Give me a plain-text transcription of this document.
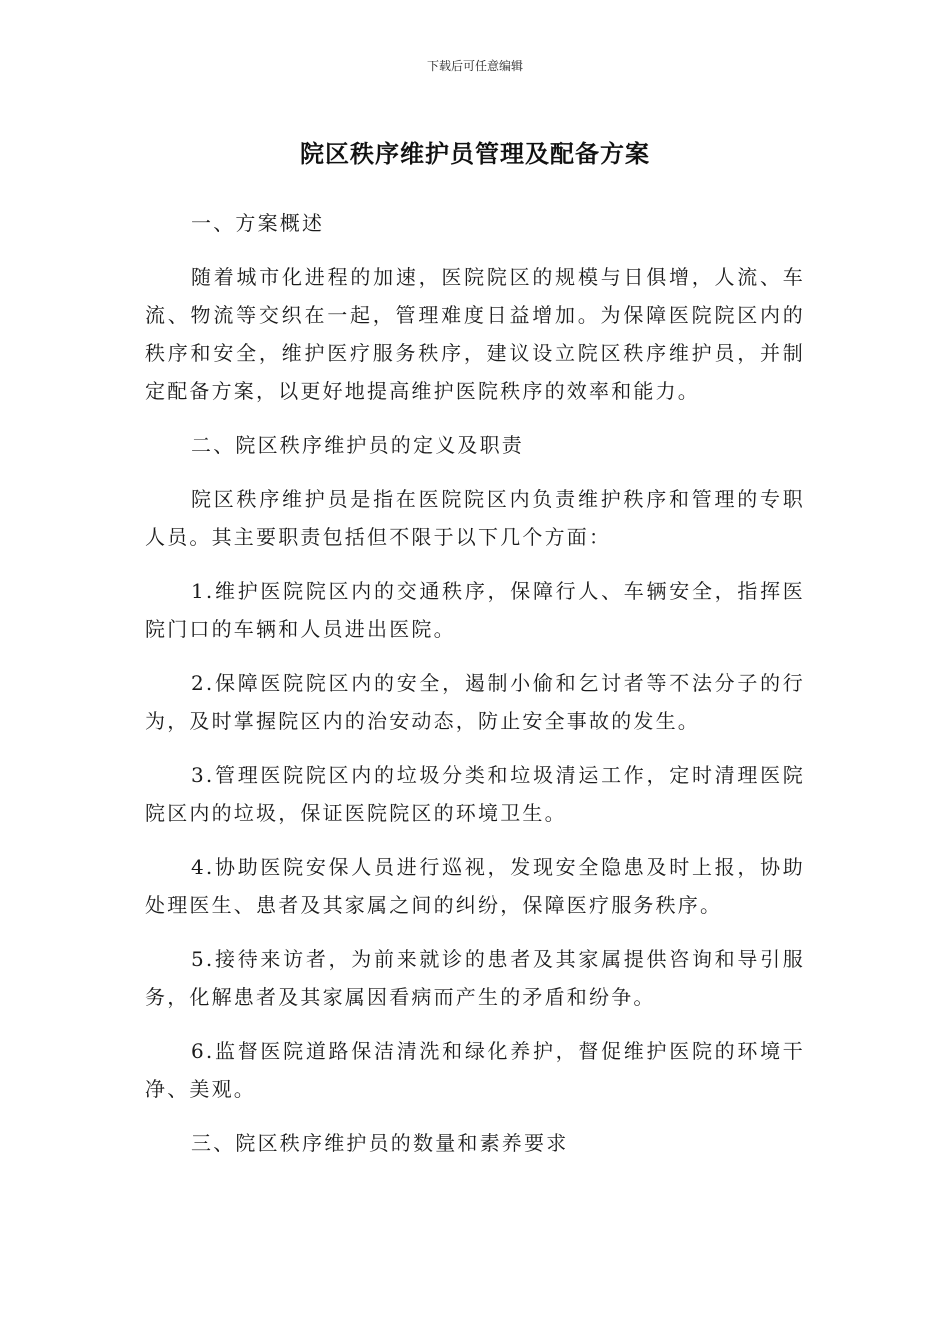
下载后可任意编辑
院区秩序维护员管理及配备方案

一、方案概述

随着城市化进程的加速，医院院区的规模与日俱增，人流、车流、物流等交织在一起，管理难度日益增加。为保障医院院区内的秩序和安全，维护医疗服务秩序，建议设立院区秩序维护员，并制定配备方案，以更好地提高维护医院秩序的效率和能力。

二、院区秩序维护员的定义及职责

院区秩序维护员是指在医院院区内负责维护秩序和管理的专职人员。其主要职责包括但不限于以下几个方面：

1.维护医院院区内的交通秩序，保障行人、车辆安全，指挥医院门口的车辆和人员进出医院。

2.保障医院院区内的安全，遏制小偷和乞讨者等不法分子的行为，及时掌握院区内的治安动态，防止安全事故的发生。

3.管理医院院区内的垃圾分类和垃圾清运工作，定时清理医院院区内的垃圾，保证医院院区的环境卫生。

4.协助医院安保人员进行巡视，发现安全隐患及时上报，协助处理医生、患者及其家属之间的纠纷，保障医疗服务秩序。

5.接待来访者，为前来就诊的患者及其家属提供咨询和导引服务，化解患者及其家属因看病而产生的矛盾和纷争。

6.监督医院道路保洁清洗和绿化养护，督促维护医院的环境干净、美观。

三、院区秩序维护员的数量和素养要求
